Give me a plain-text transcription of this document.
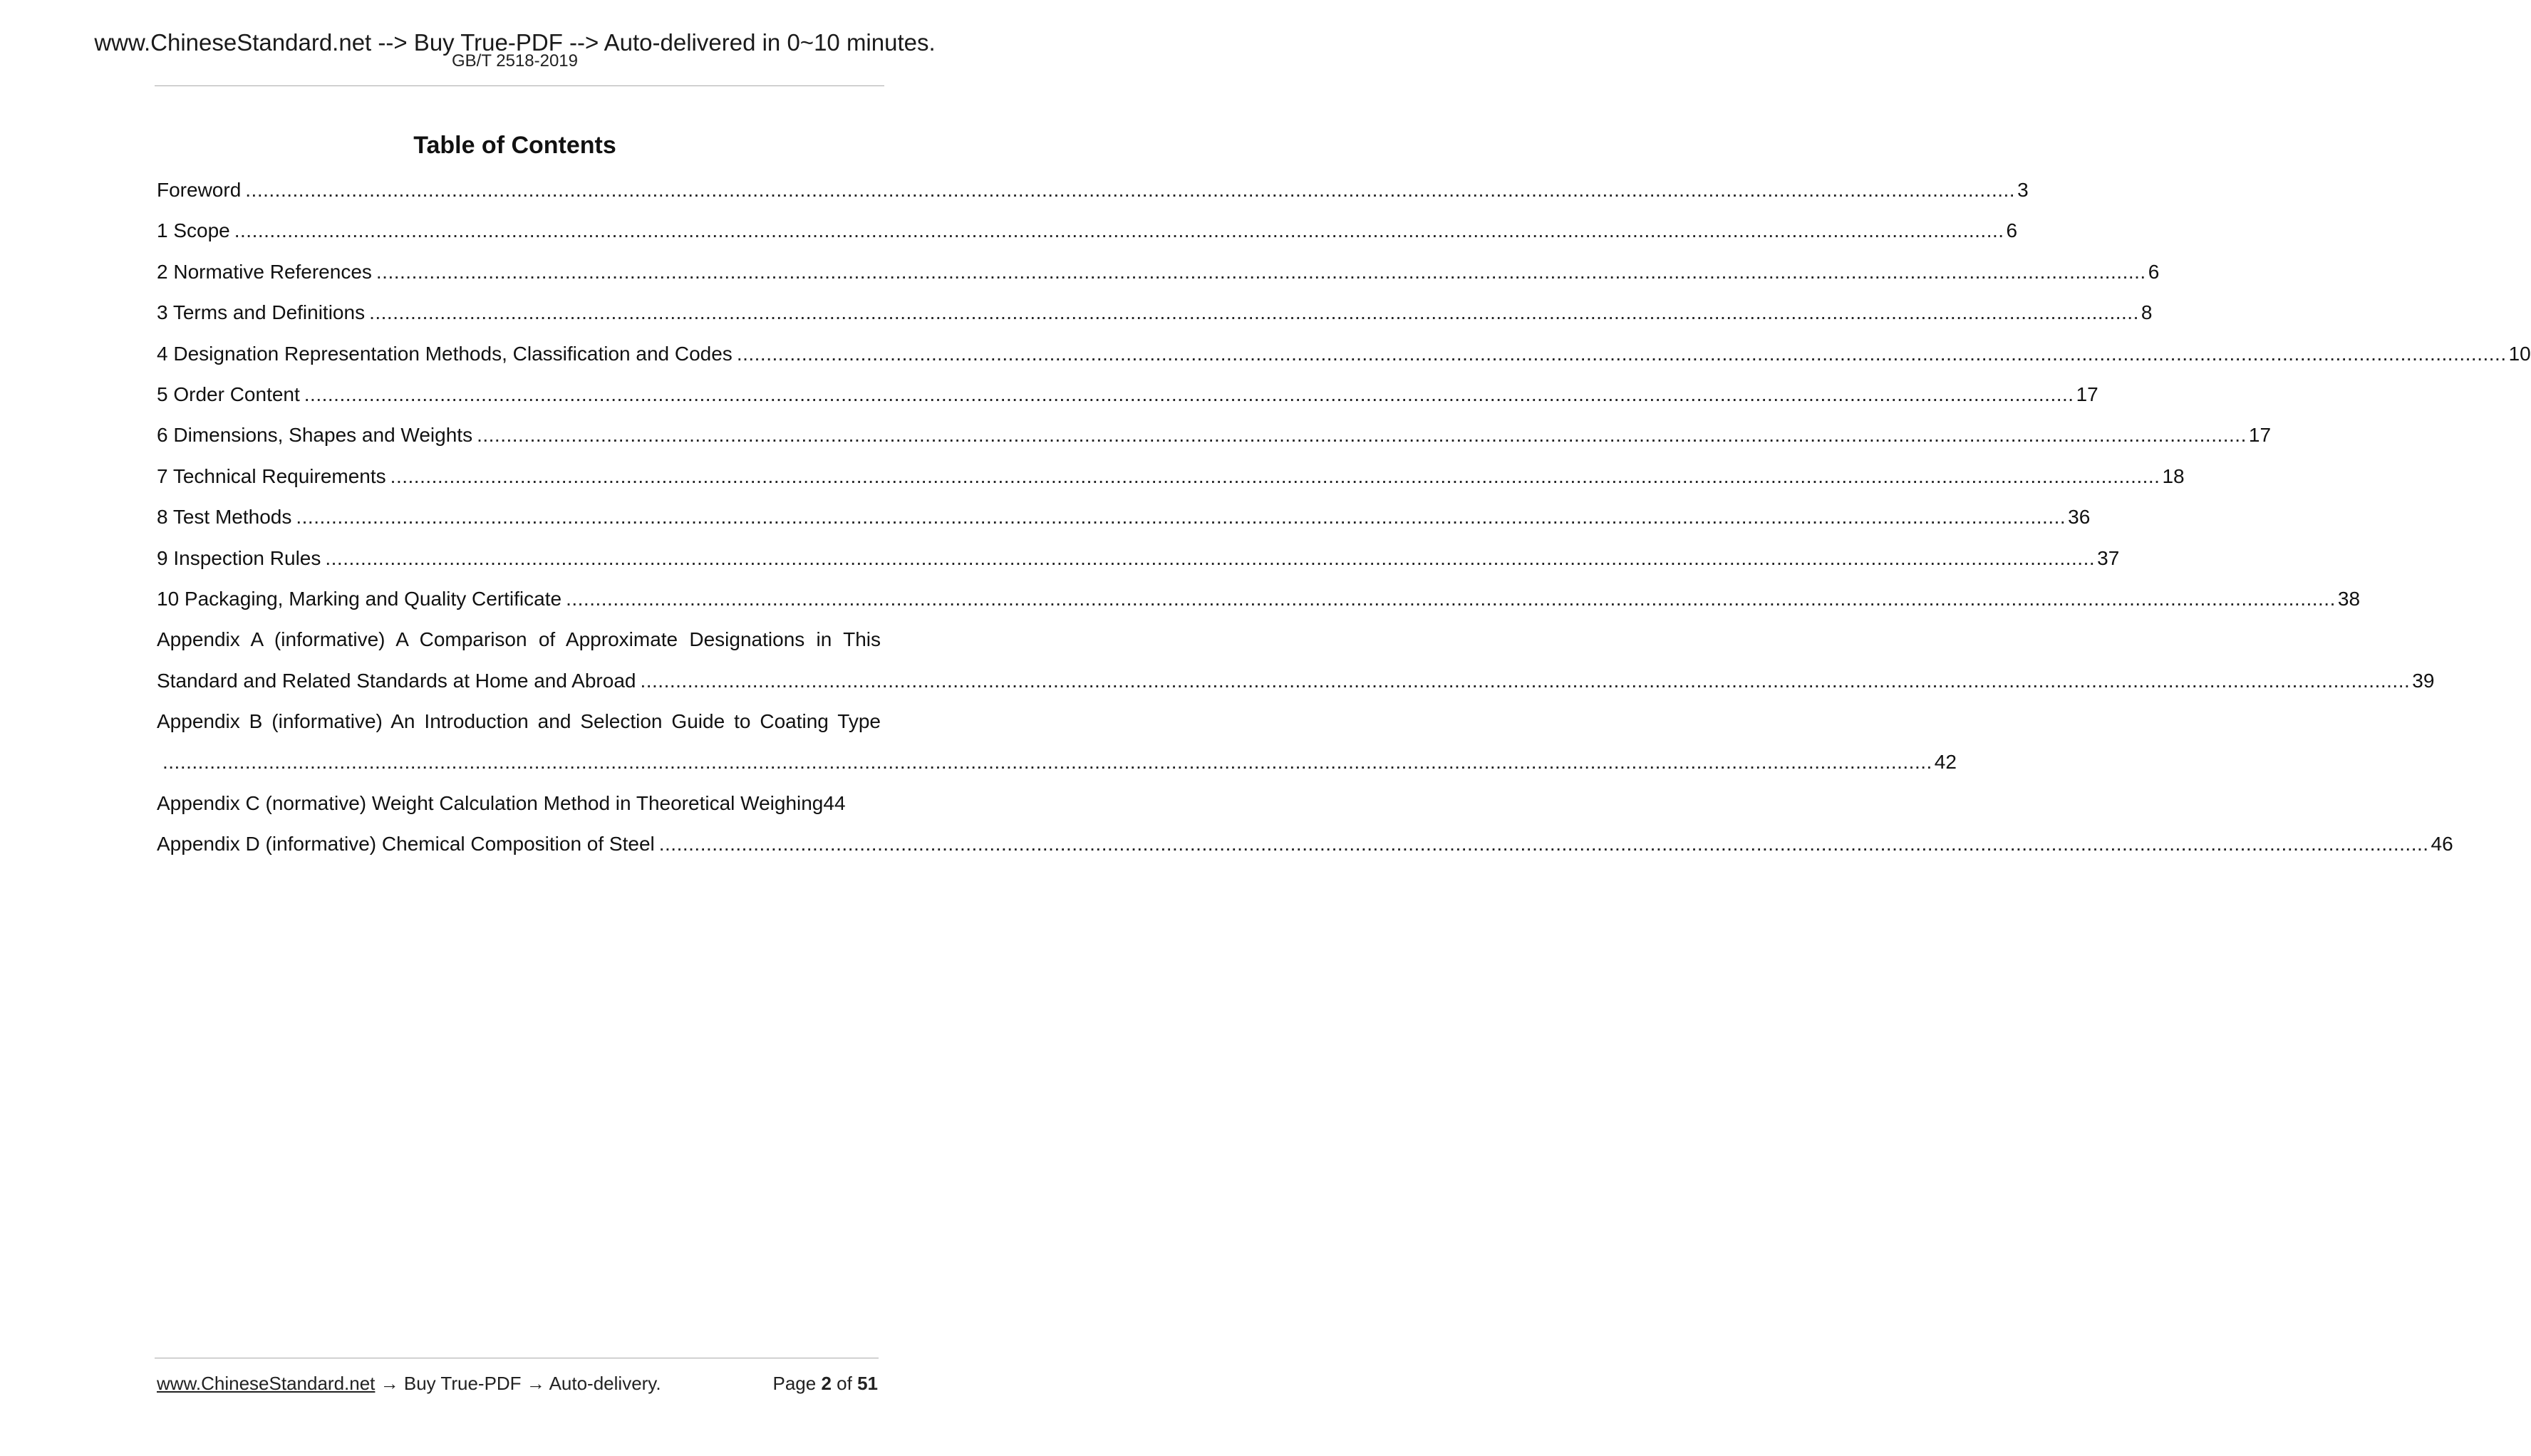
www.ChineseStandard.net --> Buy True-PDF --> Auto-delivered in 0~10 minutes.
GB/T 2518-2019
Table of Contents
Foreword ............................................................................................................................................................................................................................................................................................................ 3
1 Scope ............................................................................................................................................................................................................................................................................................................ 6
2 Normative References ............................................................................................................................................................................................................................................................................................................ 6
3 Terms and Definitions ............................................................................................................................................................................................................................................................................................................ 8
4 Designation Representation Methods, Classification and Codes ............................................................................................................................................................................................................................................................................................................ 10
5 Order Content ............................................................................................................................................................................................................................................................................................................ 17
6 Dimensions, Shapes and Weights ............................................................................................................................................................................................................................................................................................................ 17
7 Technical Requirements ............................................................................................................................................................................................................................................................................................................ 18
8 Test Methods ............................................................................................................................................................................................................................................................................................................ 36
9 Inspection Rules ............................................................................................................................................................................................................................................................................................................ 37
10 Packaging, Marking and Quality Certificate ............................................................................................................................................................................................................................................................................................................ 38
Appendix A (informative) A Comparison of Approximate Designations in This
Standard and Related Standards at Home and Abroad ............................................................................................................................................................................................................................................................................................................ 39
Appendix B (informative) An Introduction and Selection Guide to Coating Type
............................................................................................................................................................................................................................................................................................................ 42
Appendix C (normative) Weight Calculation Method in Theoretical Weighing 44
Appendix D (informative) Chemical Composition of Steel ............................................................................................................................................................................................................................................................................................................ 46
www.ChineseStandard.net → Buy True-PDF → Auto-delivery.	Page 2 of 51
